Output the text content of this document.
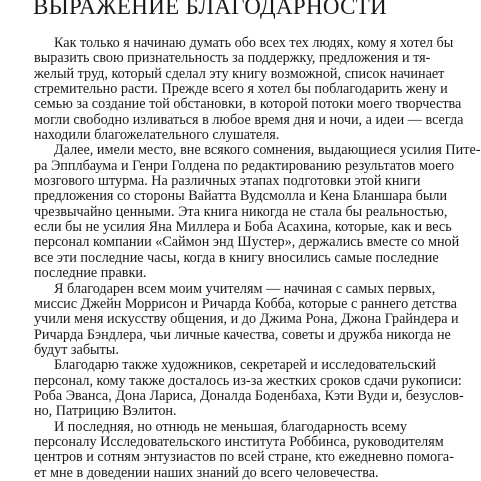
ВЫРАЖЕНИЕ БЛАГОДАРНОСТИ
Как только я начинаю думать обо всех тех людях, кому я хотел бы
выразить свою признательность за поддержку, предложения и тя-
желый труд, который сделал эту книгу возможной, список начинает
стремительно расти. Прежде всего я хотел бы поблагодарить жену и
семью за создание той обстановки, в которой потоки моего творчества
могли свободно изливаться в любое время дня и ночи, а идеи — всегда
находили благожелательного слушателя.
Далее, имели место, вне всякого сомнения, выдающиеся усилия Пите-
ра Эпплбаума и Генри Голдена по редактированию результатов моего
мозгового штурма. На различных этапах подготовки этой книги
предложения со стороны Вайатта Вудсмолла и Кена Бланшара были
чрезвычайно ценными. Эта книга никогда не стала бы реальностью,
если бы не усилия Яна Миллера и Боба Асахина, которые, как и весь
персонал компании «Саймон энд Шустер», держались вместе со мной
все эти последние часы, когда в книгу вносились самые последние
последние правки.
Я благодарен всем моим учителям — начиная с самых первых,
миссис Джейн Моррисон и Ричарда Кобба, которые с раннего детства
учили меня искусству общения, и до Джима Рона, Джона Грайндера и
Ричарда Бэндлера, чьи личные качества, советы и дружба никогда не
будут забыты.
Благодарю также художников, секретарей и исследовательский
персонал, кому также досталось из-за жестких сроков сдачи рукописи:
Роба Эванса, Дона Лариса, Доналда Боденбаха, Кэти Вуди и, безуслов-
но, Патрицию Вэлитон.
И последняя, но отнюдь не меньшая, благодарность всему
персоналу Исследовательского института Роббинса, руководителям
центров и сотням энтузиастов по всей стране, кто ежедневно помога-
ет мне в доведении наших знаний до всего человечества.
